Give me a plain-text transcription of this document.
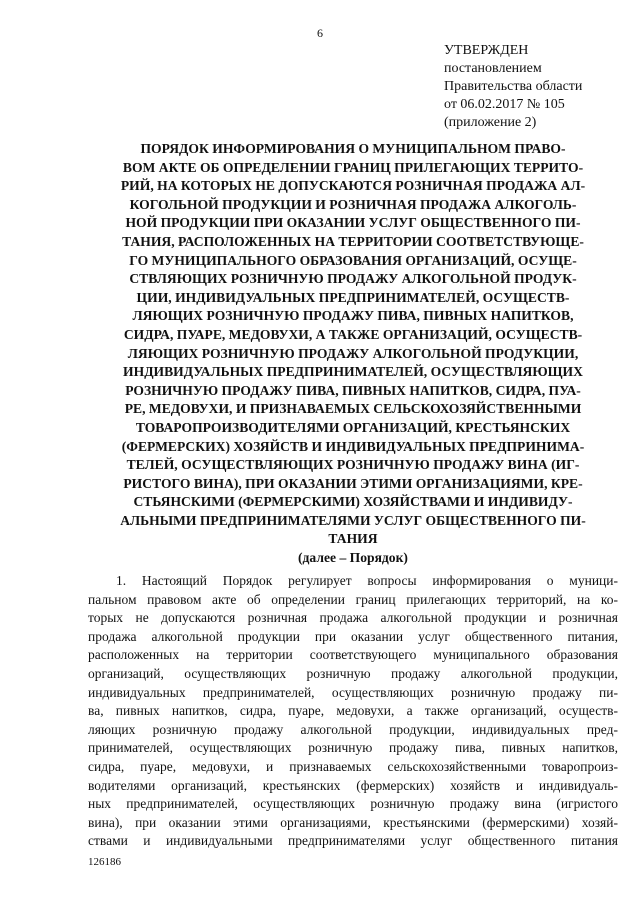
6
УТВЕРЖДЕН
постановлением
Правительства области
от 06.02.2017 № 105
(приложение 2)
ПОРЯДОК ИНФОРМИРОВАНИЯ О МУНИЦИПАЛЬНОМ ПРАВО-
ВОМ АКТЕ ОБ ОПРЕДЕЛЕНИИ ГРАНИЦ ПРИЛЕГАЮЩИХ ТЕРРИТО-
РИЙ, НА КОТОРЫХ НЕ ДОПУСКАЮТСЯ РОЗНИЧНАЯ ПРОДАЖА АЛ-
КОГОЛЬНОЙ ПРОДУКЦИИ И РОЗНИЧНАЯ ПРОДАЖА АЛКОГОЛЬ-
НОЙ ПРОДУКЦИИ ПРИ ОКАЗАНИИ УСЛУГ ОБЩЕСТВЕННОГО ПИ-
ТАНИЯ, РАСПОЛОЖЕННЫХ НА ТЕРРИТОРИИ СООТВЕТСТВУЮЩЕ-
ГО МУНИЦИПАЛЬНОГО ОБРАЗОВАНИЯ ОРГАНИЗАЦИЙ, ОСУЩЕ-
СТВЛЯЮЩИХ РОЗНИЧНУЮ ПРОДАЖУ АЛКОГОЛЬНОЙ ПРОДУК-
ЦИИ, ИНДИВИДУАЛЬНЫХ ПРЕДПРИНИМАТЕЛЕЙ, ОСУЩЕСТВ-
ЛЯЮЩИХ РОЗНИЧНУЮ ПРОДАЖУ ПИВА, ПИВНЫХ НАПИТКОВ,
СИДРА, ПУАРЕ, МЕДОВУХИ, А ТАКЖЕ ОРГАНИЗАЦИЙ, ОСУЩЕСТВ-
ЛЯЮЩИХ РОЗНИЧНУЮ ПРОДАЖУ АЛКОГОЛЬНОЙ ПРОДУКЦИИ,
ИНДИВИДУАЛЬНЫХ ПРЕДПРИНИМАТЕЛЕЙ, ОСУЩЕСТВЛЯЮЩИХ
РОЗНИЧНУЮ ПРОДАЖУ ПИВА, ПИВНЫХ НАПИТКОВ, СИДРА, ПУА-
РЕ, МЕДОВУХИ, И ПРИЗНАВАЕМЫХ СЕЛЬСКОХОЗЯЙСТВЕННЫМИ
ТОВАРОПРОИЗВОДИТЕЛЯМИ ОРГАНИЗАЦИЙ, КРЕСТЬЯНСКИХ
(ФЕРМЕРСКИХ) ХОЗЯЙСТВ И ИНДИВИДУАЛЬНЫХ ПРЕДПРИНИМА-
ТЕЛЕЙ, ОСУЩЕСТВЛЯЮЩИХ РОЗНИЧНУЮ ПРОДАЖУ ВИНА (ИГ-
РИСТОГО ВИНА), ПРИ ОКАЗАНИИ ЭТИМИ ОРГАНИЗАЦИЯМИ, КРЕ-
СТЬЯНСКИМИ (ФЕРМЕРСКИМИ) ХОЗЯЙСТВАМИ И ИНДИВИДУ-
АЛЬНЫМИ ПРЕДПРИНИМАТЕЛЯМИ УСЛУГ ОБЩЕСТВЕННОГО ПИ-
ТАНИЯ
(далее – Порядок)
1. Настоящий Порядок регулирует вопросы информирования о муници-
пальном правовом акте об определении границ прилегающих территорий, на ко-
торых не допускаются розничная продажа алкогольной продукции и розничная
продажа алкогольной продукции при оказании услуг общественного питания,
расположенных на территории соответствующего муниципального образования
организаций, осуществляющих розничную продажу алкогольной продукции,
индивидуальных предпринимателей, осуществляющих розничную продажу пи-
ва, пивных напитков, сидра, пуаре, медовухи, а также организаций, осуществ-
ляющих розничную продажу алкогольной продукции, индивидуальных пред-
принимателей, осуществляющих розничную продажу пива, пивных напитков,
сидра, пуаре, медовухи, и признаваемых сельскохозяйственными товаропроиз-
водителями организаций, крестьянских (фермерских) хозяйств и индивидуаль-
ных предпринимателей, осуществляющих розничную продажу вина (игристого
вина), при оказании этими организациями, крестьянскими (фермерскими) хозяй-
ствами и индивидуальными предпринимателями услуг общественного питания
126186
